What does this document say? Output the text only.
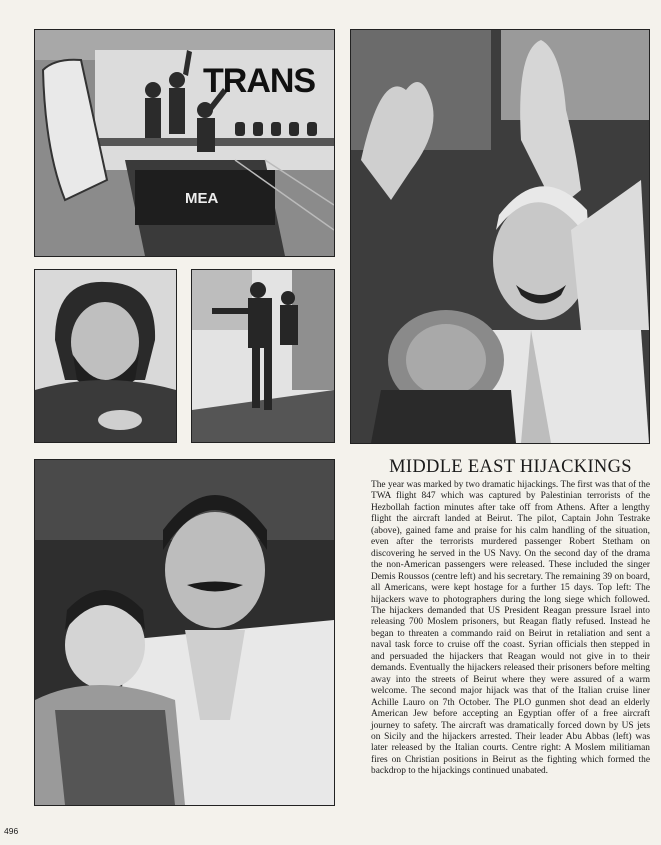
TRANS
MEA
MIDDLE EAST HIJACKINGS

The year was marked by two dramatic hijackings. The first was that of the TWA flight 847 which was captured by Palestinian terrorists of the Hezbollah faction minutes after take off from Athens. After a lengthy flight the aircraft landed at Beirut. The pilot, Captain John Testrake (above), gained fame and praise for his calm handling of the situation, even after the terrorists murdered passenger Robert Stetham on discovering he served in the US Navy. On the second day of the drama the non-American passengers were released. These included the singer Demis Roussos (centre left) and his secretary. The remaining 39 on board, all Americans, were kept hostage for a further 15 days. Top left: The hijackers wave to photographers during the long siege which followed. The hijackers demanded that US President Reagan pressure Israel into releasing 700 Moslem prisoners, but Reagan flatly refused. Instead he began to threaten a commando raid on Beirut in retaliation and sent a naval task force to cruise off the coast. Syrian officials then stepped in and persuaded the hijackers that Reagan would not give in to their demands. Eventually the hijackers released their prisoners before melting away into the streets of Beirut where they were assured of a warm welcome. The second major hijack was that of the Italian cruise liner Achille Lauro on 7th October. The PLO gunmen shot dead an elderly American Jew before accepting an Egyptian offer of a free aircraft journey to safety. The aircraft was dramatically forced down by US jets on Sicily and the hijackers arrested. Their leader Abu Abbas (left) was later released by the Italian courts. Centre right: A Moslem militiaman fires on Christian positions in Beirut as the fighting which formed the backdrop to the hijackings continued unabated.

496
